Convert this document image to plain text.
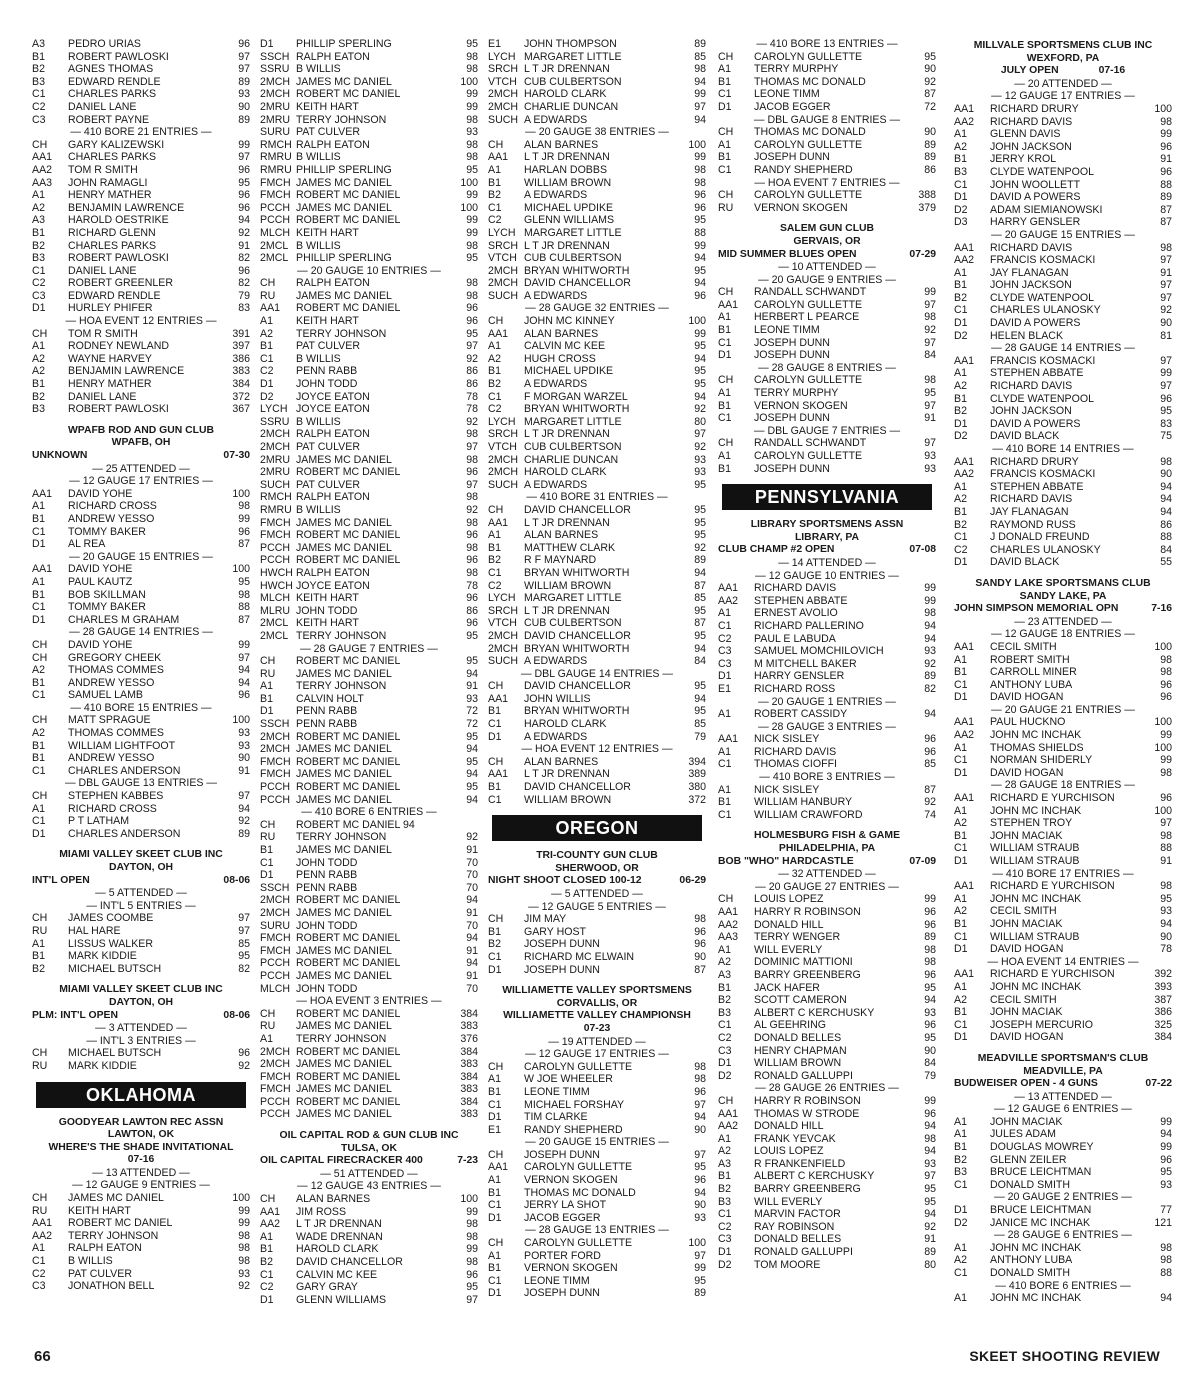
A3	PEDRO URIAS	96
B1	ROBERT PAWLOSKI	97
B2	AGNES THOMAS	97
B3	EDWARD RENDLE	89
C1	CHARLES PARKS	93
C2	DANIEL LANE	90
C3	ROBERT PAYNE	89
— 410 BORE 21 ENTRIES —
CH	GARY KALIZEWSKI	99
AA1	CHARLES PARKS	97
AA2	TOM R SMITH	96
AA3	JOHN RAMAGLI	95
A1	HENRY MATHER	96
A2	BENJAMIN LAWRENCE	96
A3	HAROLD OESTRIKE	94
B1	RICHARD GLENN	92
B2	CHARLES PARKS	91
B3	ROBERT PAWLOSKI	82
C1	DANIEL LANE	96
C2	ROBERT GREENLER	82
C3	EDWARD RENDLE	79
D1	HURLEY PHIFER	83
— HOA EVENT 12 ENTRIES —
CH	TOM R SMITH	391
A1	RODNEY NEWLAND	397
A2	WAYNE HARVEY	386
A2	BENJAMIN LAWRENCE	383
B1	HENRY MATHER	384
B2	DANIEL LANE	372
B3	ROBERT PAWLOSKI	367
WPAFB ROD AND GUN CLUB
WPAFB, OH
UNKNOWN	07-30
— 25 ATTENDED —
— 12 GAUGE 17 ENTRIES —
AA1	DAVID YOHE	100
A1	RICHARD CROSS	98
B1	ANDREW YESSO	99
C1	TOMMY BAKER	96
D1	AL REA	87
— 20 GAUGE 15 ENTRIES —
AA1	DAVID YOHE	100
A1	PAUL KAUTZ	95
B1	BOB SKILLMAN	98
C1	TOMMY BAKER	88
D1	CHARLES M GRAHAM	87
— 28 GAUGE 14 ENTRIES —
CH	DAVID YOHE	99
CH	GREGORY CHEEK	97
A2	THOMAS COMMES	94
B1	ANDREW YESSO	94
C1	SAMUEL LAMB	96
— 410 BORE 15 ENTRIES —
CH	MATT SPRAGUE	100
A2	THOMAS COMMES	93
B1	WILLIAM LIGHTFOOT	93
B1	ANDREW YESSO	90
C1	CHARLES ANDERSON	91
— DBL GAUGE 13 ENTRIES —
CH	STEPHEN KABBES	97
A1	RICHARD CROSS	94
C1	P T LATHAM	92
D1	CHARLES ANDERSON	89
MIAMI VALLEY SKEET CLUB INC
DAYTON, OH
INT'L OPEN	08-06
— 5 ATTENDED —
— INT'L 5 ENTRIES —
CH	JAMES COOMBE	97
RU	HAL HARE	97
A1	LISSUS WALKER	85
B1	MARK KIDDIE	95
B2	MICHAEL BUTSCH	82
MIAMI VALLEY SKEET CLUB INC
DAYTON, OH
PLM: INT'L OPEN	08-06
— 3 ATTENDED —
— INT'L 3 ENTRIES —
CH	MICHAEL BUTSCH	96
RU	MARK KIDDIE	92
OKLAHOMA
GOODYEAR LAWTON REC ASSN
LAWTON, OK
WHERE'S THE SHADE INVITATIONAL
07-16
— 13 ATTENDED —
— 12 GAUGE 9 ENTRIES —
CH	JAMES MC DANIEL	100
RU	KEITH HART	99
AA1	ROBERT MC DANIEL	99
AA2	TERRY JOHNSON	98
A1	RALPH EATON	98
C1	B WILLIS	98
C2	PAT CULVER	93
C3	JONATHON BELL	92
D1	PHILLIP SPERLING	95
SSCH RALPH EATON	98
SSRU B WILLIS	98
2MCH JAMES MC DANIEL	100
2MCH ROBERT MC DANIEL	99
2MRU KEITH HART	99
2MRU TERRY JOHNSON	98
SURU PAT CULVER	93
RMCH RALPH EATON	98
RMRU B WILLIS	98
RMRU PHILLIP SPERLING	95
FMCH JAMES MC DANIEL	100
FMCH ROBERT MC DANIEL	99
PCCH JAMES MC DANIEL	100
PCCH ROBERT MC DANIEL	99
MLCH KEITH HART	99
2MCL B WILLIS	98
2MCL PHILLIP SPERLING	95
— 20 GAUGE 10 ENTRIES —
CH	RALPH EATON	98
RU	JAMES MC DANIEL	98
AA1	ROBERT MC DANIEL	96
A1	KEITH HART	96
A2	TERRY JOHNSON	95
B1	PAT CULVER	97
C1	B WILLIS	92
C2	PENN RABB	86
D1	JOHN TODD	86
D2	JOYCE EATON	78
LYCH JOYCE EATON	78
SSRU B WILLIS	92
2MCH RALPH EATON	98
2MCH PAT CULVER	97
2MRU JAMES MC DANIEL	98
2MRU ROBERT MC DANIEL	96
SUCH PAT CULVER	97
RMCH RALPH EATON	98
RMRU B WILLIS	92
FMCH JAMES MC DANIEL	98
FMCH ROBERT MC DANIEL	96
PCCH JAMES MC DANIEL	98
PCCH ROBERT MC DANIEL	96
HWCH RALPH EATON	98
HWCH JOYCE EATON	78
MLCH KEITH HART	96
MLRU JOHN TODD	86
2MCL KEITH HART	96
2MCL TERRY JOHNSON	95
— 28 GAUGE 7 ENTRIES —
CH	ROBERT MC DANIEL	95
RU	JAMES MC DANIEL	94
A1	TERRY JOHNSON	91
B1	CALVIN HOLT	93
D1	PENN RABB	72
SSCH PENN RABB	72
2MCH ROBERT MC DANIEL	95
2MCH JAMES MC DANIEL	94
FMCH ROBERT MC DANIEL	95
FMCH JAMES MC DANIEL	94
PCCH ROBERT MC DANIEL	95
PCCH JAMES MC DANIEL	94
— 410 BORE 6 ENTRIES —
CH	ROBERT MC DANIEL 94
RU	TERRY JOHNSON	92
B1	JAMES MC DANIEL	91
C1	JOHN TODD	70
D1	PENN RABB	70
SSCH PENN RABB	70
2MCH ROBERT MC DANIEL	94
2MCH JAMES MC DANIEL	91
SURU JOHN TODD	70
FMCH ROBERT MC DANIEL	94
FMCH JAMES MC DANIEL	91
PCCH ROBERT MC DANIEL	94
PCCH JAMES MC DANIEL	91
MLCH JOHN TODD	70
— HOA EVENT 3 ENTRIES —
CH	ROBERT MC DANIEL	384
RU	JAMES MC DANIEL	383
A1	TERRY JOHNSON	376
2MCH ROBERT MC DANIEL	384
2MCH JAMES MC DANIEL	383
FMCH ROBERT MC DANIEL	384
FMCH JAMES MC DANIEL	383
PCCH ROBERT MC DANIEL	384
PCCH JAMES MC DANIEL	383
OIL CAPITAL ROD & GUN CLUB INC
TULSA, OK
OIL CAPITAL FIRECRACKER 400	7-23
— 51 ATTENDED —
— 12 GAUGE 43 ENTRIES —
CH	ALAN BARNES	100
AA1	JIM ROSS	99
AA2	L T JR DRENNAN	98
A1	WADE DRENNAN	98
B1	HAROLD CLARK	99
B2	DAVID CHANCELLOR	98
C1	CALVIN MC KEE	96
C2	GARY GRAY	95
D1	GLENN WILLIAMS	97
E1	JOHN THOMPSON	89
LYCH MARGARET LITTLE	85
SRCH L T JR DRENNAN	98
VTCH CUB CULBERTSON	94
2MCH HAROLD CLARK	99
2MCH CHARLIE DUNCAN	97
SUCH A EDWARDS	94
— 20 GAUGE 38 ENTRIES —
CH	ALAN BARNES	100
AA1	L T JR DRENNAN	99
A1	HARLAN DOBBS	98
B1	WILLIAM BROWN	98
B2	A EDWARDS	96
C1	MICHAEL UPDIKE	96
C2	GLENN WILLIAMS	95
LYCH MARGARET LITTLE	88
SRCH L T JR DRENNAN	99
VTCH CUB CULBERTSON	94
2MCH BRYAN WHITWORTH	95
2MCH DAVID CHANCELLOR	94
SUCH A EDWARDS	96
— 28 GAUGE 32 ENTRIES —
CH	JOHN MC KINNEY	100
AA1	ALAN BARNES	99
A1	CALVIN MC KEE	95
A2	HUGH CROSS	94
B1	MICHAEL UPDIKE	95
B2	A EDWARDS	95
C1	F MORGAN WARZEL	94
C2	BRYAN WHITWORTH	92
LYCH MARGARET LITTLE	80
SRCH L T JR DRENNAN	97
VTCH CUB CULBERTSON	92
2MCH CHARLIE DUNCAN	93
2MCH HAROLD CLARK	93
SUCH A EDWARDS	95
— 410 BORE 31 ENTRIES —
CH	DAVID CHANCELLOR	95
AA1	L T JR DRENNAN	95
A1	ALAN BARNES	95
B1	MATTHEW CLARK	92
B2	R F MAYNARD	89
C1	BRYAN WHITWORTH	94
C2	WILLIAM BROWN	87
LYCH MARGARET LITTLE	85
SRCH L T JR DRENNAN	95
VTCH CUB CULBERTSON	87
2MCH DAVID CHANCELLOR	95
2MCH BRYAN WHITWORTH	94
SUCH A EDWARDS	84
— DBL GAUGE 14 ENTRIES —
CH	DAVID CHANCELLOR	95
AA1	JOHN WILLIS	94
B1	BRYAN WHITWORTH	95
C1	HAROLD CLARK	85
D1	A EDWARDS	79
— HOA EVENT 12 ENTRIES —
CH	ALAN BARNES	394
AA1	L T JR DRENNAN	389
B1	DAVID CHANCELLOR	380
C1	WILLIAM BROWN	372
OREGON
TRI-COUNTY GUN CLUB
SHERWOOD, OR
NIGHT SHOOT CLOSED 100-12	06-29
— 5 ATTENDED —
— 12 GAUGE 5 ENTRIES —
CH	JIM MAY	98
B1	GARY HOST	96
B2	JOSEPH DUNN	96
C1	RICHARD MC ELWAIN	90
D1	JOSEPH DUNN	87
WILLIAMETTE VALLEY SPORTSMENS
CORVALLIS, OR
WILLIAMETTE VALLEY CHAMPIONSH
07-23
— 19 ATTENDED —
— 12 GAUGE 17 ENTRIES —
CH	CAROLYN GULLETTE	98
A1	W JOE WHEELER	98
B1	LEONE TIMM	96
C1	MICHAEL FORSHAY	97
D1	TIM CLARKE	94
E1	RANDY SHEPHERD	90
— 20 GAUGE 15 ENTRIES —
CH	JOSEPH DUNN	97
AA1	CAROLYN GULLETTE	95
A1	VERNON SKOGEN	96
B1	THOMAS MC DONALD	94
C1	JERRY LA SHOT	90
D1	JACOB EGGER	93
— 28 GAUGE 13 ENTRIES —
CH	CAROLYN GULLETTE	100
A1	PORTER FORD	97
B1	VERNON SKOGEN	99
C1	LEONE TIMM	95
D1	JOSEPH DUNN	89
— 410 BORE 13 ENTRIES —
CH	CAROLYN GULLETTE	95
A1	TERRY MURPHY	90
B1	THOMAS MC DONALD	92
C1	LEONE TIMM	87
D1	JACOB EGGER	72
— DBL GAUGE 8 ENTRIES —
CH	THOMAS MC DONALD	90
A1	CAROLYN GULLETTE	89
B1	JOSEPH DUNN	89
C1	RANDY SHEPHERD	86
— HOA EVENT 7 ENTRIES —
CH	CAROLYN GULLETTE	388
RU	VERNON SKOGEN	379
SALEM GUN CLUB
GERVAIS, OR
MID SUMMER BLUES OPEN	07-29
— 10 ATTENDED —
— 20 GAUGE 9 ENTRIES —
CH	RANDALL SCHWANDT	99
AA1	CAROLYN GULLETTE	97
A1	HERBERT L PEARCE	98
B1	LEONE TIMM	92
C1	JOSEPH DUNN	97
D1	JOSEPH DUNN	84
— 28 GAUGE 8 ENTRIES —
CH	CAROLYN GULLETTE	98
A1	TERRY MURPHY	95
B1	VERNON SKOGEN	97
C1	JOSEPH DUNN	91
— DBL GAUGE 7 ENTRIES —
CH	RANDALL SCHWANDT	97
A1	CAROLYN GULLETTE	93
B1	JOSEPH DUNN	93
PENNSYLVANIA
LIBRARY SPORTSMENS ASSN
LIBRARY, PA
CLUB CHAMP #2 OPEN	07-08
— 14 ATTENDED —
— 12 GAUGE 10 ENTRIES —
AA1	RICHARD DAVIS	99
AA2	STEPHEN ABBATE	99
A1	ERNEST AVOLIO	98
C1	RICHARD PALLERINO	94
C2	PAUL E LABUDA	94
C3	SAMUEL MOMCHILOVICH	93
C3	M MITCHELL BAKER	92
D1	HARRY GENSLER	89
E1	RICHARD ROSS	82
— 20 GAUGE 1 ENTRIES —
A1	ROBERT CASSIDY	94
— 28 GAUGE 3 ENTRIES —
AA1	NICK SISLEY	96
A1	RICHARD DAVIS	96
C1	THOMAS CIOFFI	85
— 410 BORE 3 ENTRIES —
A1	NICK SISLEY	87
B1	WILLIAM HANBURY	92
C1	WILLIAM CRAWFORD	74
HOLMESBURG FISH & GAME
PHILADELPHIA, PA
BOB "WHO" HARDCASTLE	07-09
— 32 ATTENDED —
— 20 GAUGE 27 ENTRIES —
CH	LOUIS LOPEZ	99
AA1	HARRY R ROBINSON	96
AA2	DONALD HILL	96
AA3	TERRY WENGER	89
A1	WILL EVERLY	98
A2	DOMINIC MATTIONI	98
A3	BARRY GREENBERG	96
B1	JACK HAFER	95
B2	SCOTT CAMERON	94
B3	ALBERT C KERCHUSKY	93
C1	AL GEEHRING	96
C2	DONALD BELLES	95
C3	HENRY CHAPMAN	90
D1	WILLIAM BROWN	84
D2	RONALD GALLUPPI	79
— 28 GAUGE 26 ENTRIES —
CH	HARRY R ROBINSON	99
AA1	THOMAS W STRODE	96
AA2	DONALD HILL	94
A1	FRANK YEVCAK	98
A2	LOUIS LOPEZ	94
A3	R FRANKENFIELD	93
B1	ALBERT C KERCHUSKY	97
B2	BARRY GREENBERG	95
B3	WILL EVERLY	95
C1	MARVIN FACTOR	94
C2	RAY ROBINSON	92
C3	DONALD BELLES	91
D1	RONALD GALLUPPI	89
D2	TOM MOORE	80
MILLVALE SPORTSMENS CLUB INC
WEXFORD, PA
JULY OPEN	07-16
— 20 ATTENDED —
— 12 GAUGE 17 ENTRIES —
AA1	RICHARD DRURY	100
AA2	RICHARD DAVIS	98
A1	GLENN DAVIS	99
A2	JOHN JACKSON	96
B1	JERRY KROL	91
B3	CLYDE WATENPOOL	96
C1	JOHN WOOLLETT	88
D1	DAVID A POWERS	89
D2	ADAM SIEMIANOWSKI	87
D3	HARRY GENSLER	87
— 20 GAUGE 15 ENTRIES —
AA1	RICHARD DAVIS	98
AA2	FRANCIS KOSMACKI	97
A1	JAY FLANAGAN	91
B1	JOHN JACKSON	97
B2	CLYDE WATENPOOL	97
C1	CHARLES ULANOSKY	92
D1	DAVID A POWERS	90
D2	HELEN BLACK	81
— 28 GAUGE 14 ENTRIES —
AA1	FRANCIS KOSMACKI	97
A1	STEPHEN ABBATE	99
A2	RICHARD DAVIS	97
B1	CLYDE WATENPOOL	96
B2	JOHN JACKSON	95
D1	DAVID A POWERS	83
D2	DAVID BLACK	75
— 410 BORE 14 ENTRIES —
AA1	RICHARD DRURY	98
AA2	FRANCIS KOSMACKI	90
A1	STEPHEN ABBATE	94
A2	RICHARD DAVIS	94
B1	JAY FLANAGAN	94
B2	RAYMOND RUSS	86
C1	J DONALD FREUND	88
C2	CHARLES ULANOSKY	84
D1	DAVID BLACK	55
SANDY LAKE SPORTSMANS CLUB
SANDY LAKE, PA
JOHN SIMPSON MEMORIAL OPN	7-16
— 23 ATTENDED —
— 12 GAUGE 18 ENTRIES —
AA1	CECIL SMITH	100
A1	ROBERT SMITH	98
B1	CARROLL MINER	98
C1	ANTHONY LUBA	96
D1	DAVID HOGAN	96
— 20 GAUGE 21 ENTRIES —
AA1	PAUL HUCKNO	100
AA2	JOHN MC INCHAK	99
A1	THOMAS SHIELDS	100
C1	NORMAN SHIDERLY	99
D1	DAVID HOGAN	98
— 28 GAUGE 18 ENTRIES —
AA1	RICHARD E YURCHISON	96
A1	JOHN MC INCHAK	100
A2	STEPHEN TROY	97
B1	JOHN MACIAK	98
C1	WILLIAM STRAUB	88
D1	WILLIAM STRAUB	91
— 410 BORE 17 ENTRIES —
AA1	RICHARD E YURCHISON	98
A1	JOHN MC INCHAK	95
A2	CECIL SMITH	93
B1	JOHN MACIAK	94
C1	WILLIAM STRAUB	90
D1	DAVID HOGAN	78
— HOA EVENT 14 ENTRIES —
AA1	RICHARD E YURCHISON	392
A1	JOHN MC INCHAK	393
A2	CECIL SMITH	387
B1	JOHN MACIAK	386
C1	JOSEPH MERCURIO	325
D1	DAVID HOGAN	384
MEADVILLE SPORTSMAN'S CLUB
MEADVILLE, PA
BUDWEISER OPEN - 4 GUNS	07-22
— 13 ATTENDED —
— 12 GAUGE 6 ENTRIES —
A1	JOHN MACIAK	99
A1	JULES ADAM	94
B1	DOUGLAS MOWREY	99
B2	GLENN ZEILER	96
B3	BRUCE LEICHTMAN	95
C1	DONALD SMITH	93
— 20 GAUGE 2 ENTRIES —
D1	BRUCE LEICHTMAN	77
D2	JANICE MC INCHAK	121
— 28 GAUGE 6 ENTRIES —
A1	JOHN MC INCHAK	98
A2	ANTHONY LUBA	98
C1	DONALD SMITH	88
— 410 BORE 6 ENTRIES —
A1	JOHN MC INCHAK	94
66	SKEET SHOOTING REVIEW
